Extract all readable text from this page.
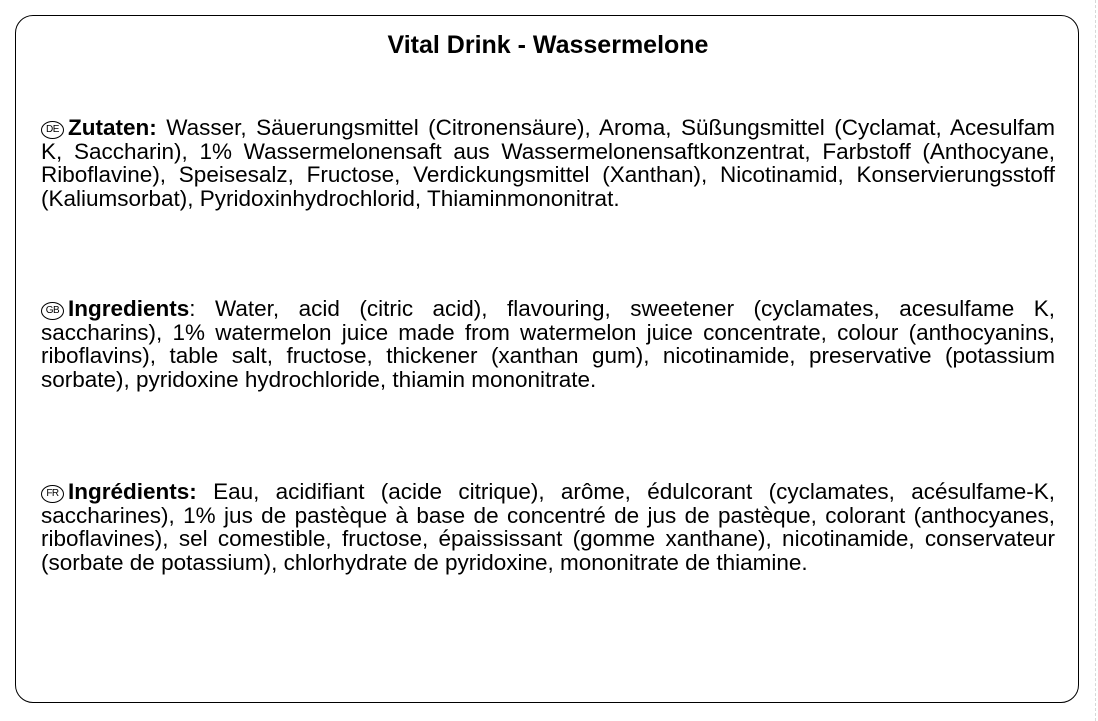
Vital Drink - Wassermelone

DE Zutaten: Wasser, Säuerungsmittel (Citronensäure), Aroma, Süßungsmittel (Cyclamat, Acesulfam K, Saccharin), 1% Wassermelonensaft aus Wassermelonensaftkonzentrat, Farbstoff (Anthocyane, Riboflavine), Speisesalz, Fructose, Verdickungsmittel (Xanthan), Nicotinamid, Konservierungsstoff (Kaliumsorbat), Pyridoxinhydrochlorid, Thiaminmononitrat.

GB Ingredients: Water, acid (citric acid), flavouring, sweetener (cyclamates, acesulfame K, saccharins), 1% watermelon juice made from watermelon juice concentrate, colour (anthocyanins, riboflavins), table salt, fructose, thickener (xanthan gum), nicotinamide, preservative (potassium sorbate), pyridoxine hydrochloride, thiamin mononitrate.

FR Ingrédients: Eau, acidifiant (acide citrique), arôme, édulcorant (cyclamates, acésulfame-K, saccharines), 1% jus de pastèque à base de concentré de jus de pastèque, colorant (anthocyanes, riboflavines), sel comestible, fructose, épaississant (gomme xanthane), nicotinamide, conservateur (sorbate de potassium), chlorhydrate de pyridoxine, mononitrate de thiamine.
